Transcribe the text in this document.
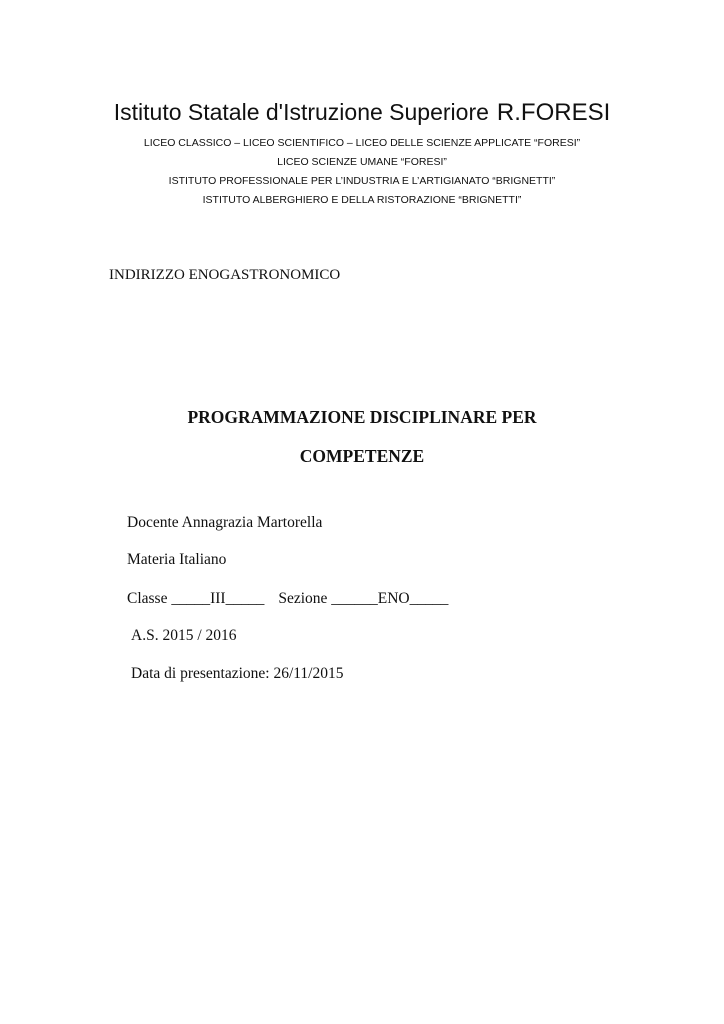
Istituto Statale d'Istruzione Superiore R.FORESI
LICEO CLASSICO – LICEO SCIENTIFICO – LICEO DELLE SCIENZE APPLICATE “FORESI”
LICEO SCIENZE UMANE “FORESI”
ISTITUTO PROFESSIONALE PER L’INDUSTRIA E L’ARTIGIANATO “BRIGNETTI”
ISTITUTO ALBERGHIERO E DELLA RISTORAZIONE “BRIGNETTI”
INDIRIZZO ENOGASTRONOMICO
PROGRAMMAZIONE DISCIPLINARE PER
COMPETENZE
Docente Annagrazia Martorella
Materia Italiano
Classe _____III_____ Sezione ______ENO_____
A.S. 2015 / 2016
Data di presentazione: 26/11/2015
